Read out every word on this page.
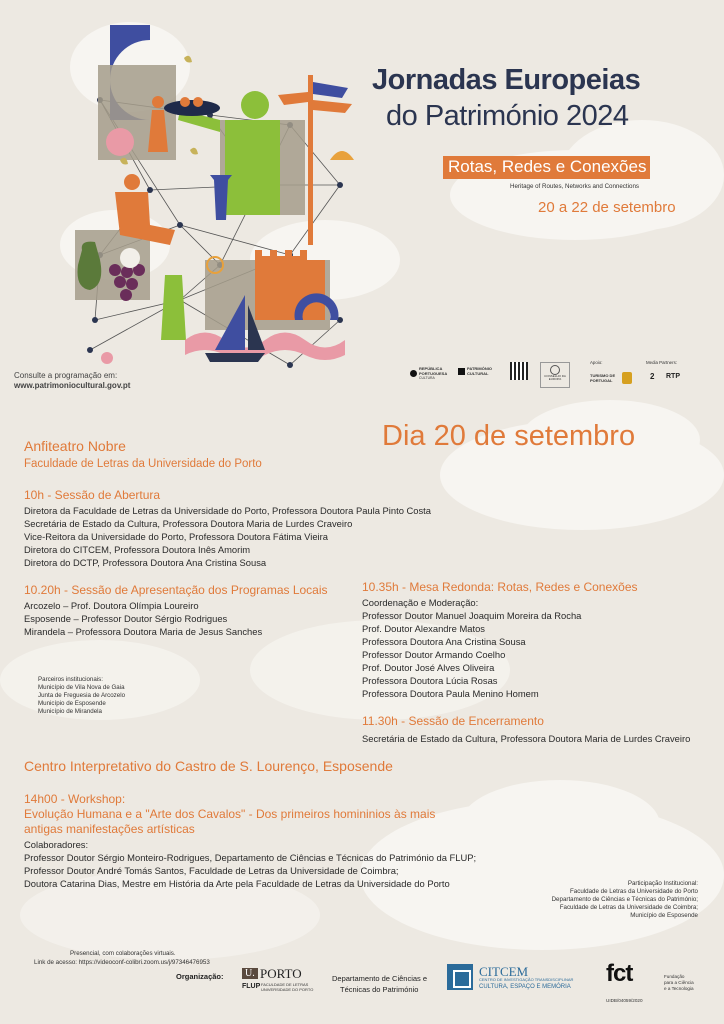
Jornadas Europeias
do Património 2024
Rotas, Redes e Conexões
Heritage of Routes, Networks and Connections
20 a 22 de setembro
Consulte a programação em:
www.patrimoniocultural.gov.pt
REPÚBLICA PORTUGUESA
CULTURA
PATRIMÓNIO CULTURAL
CONSELHO DA EUROPA
Apoio:
TURISMO DE PORTUGAL
Media Partners:
2 RTP
Dia 20 de setembro
Anfiteatro Nobre
Faculdade de Letras da Universidade do Porto
10h - Sessão de Abertura
Diretora da Faculdade de Letras da Universidade do Porto, Professora Doutora Paula Pinto Costa
Secretária de Estado da Cultura, Professora Doutora Maria de Lurdes Craveiro
Vice-Reitora da Universidade do Porto, Professora Doutora Fátima Vieira
Diretora do CITCEM, Professora Doutora Inês Amorim
Diretora do DCTP, Professora Doutora Ana Cristina Sousa
10.20h - Sessão de Apresentação dos Programas Locais
Arcozelo – Prof. Doutora Olímpia Loureiro
Esposende – Professor Doutor Sérgio Rodrigues
Mirandela – Professora Doutora Maria de Jesus Sanches
10.35h - Mesa Redonda: Rotas, Redes e Conexões
Coordenação e Moderação:
Professor Doutor Manuel Joaquim Moreira da Rocha
Prof. Doutor Alexandre Matos
Professora Doutora Ana Cristina Sousa
Professor Doutor Armando Coelho
Prof. Doutor José Alves Oliveira
Professora Doutora Lúcia Rosas
Professora Doutora Paula Menino Homem
Parceiros institucionais:
Município de Vila Nova de Gaia
Junta de Freguesia de Arcozelo
Município de Esposende
Município de Mirandela
11.30h - Sessão de Encerramento
Secretária de Estado da Cultura, Professora Doutora Maria de Lurdes Craveiro
Centro Interpretativo do Castro de S. Lourenço, Esposende
14h00 - Workshop:
Evolução Humana e a "Arte dos Cavalos" - Dos primeiros homininios às mais
antigas manifestações artísticas
Colaboradores:
Professor Doutor Sérgio Monteiro-Rodrigues, Departamento de Ciências e Técnicas do Património da FLUP;
Professor Doutor André Tomás Santos, Faculdade de Letras da Universidade de Coimbra;
Doutora Catarina Dias, Mestre em História da Arte pela Faculdade de Letras da Universidade do Porto	Participação Institucional:
Faculdade de Letras da Universidade do Porto
Departamento de Ciências e Técnicas do Património;
Faculdade de Letras da Universidade de Coimbra;
Município de Esposende
Presencial, com colaborações virtuais.
Link de acesso: https://videoconf-colibri.zoom.us/j/97346476953
Organização:	U. PORTO
FLUP FACULDADE DE LETRAS
UNIVERSIDADE DO PORTO
Departamento de Ciências e
Técnicas do Património
CITCEM
CENTRO DE INVESTIGAÇÃO TRANSDISCIPLINAR
CULTURA, ESPAÇO E MEMÓRIA fct	Fundação
para a Ciência
e a Tecnologia
UIDB/04059/2020
